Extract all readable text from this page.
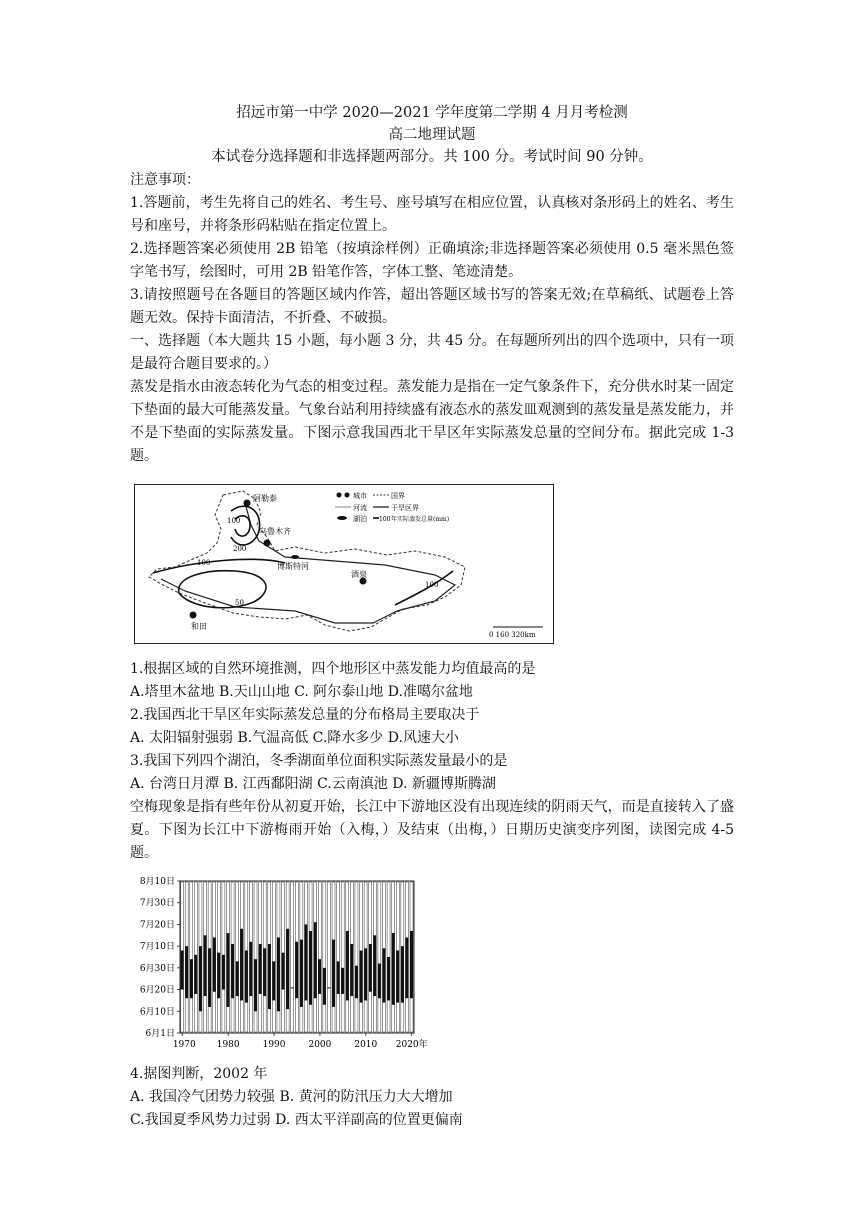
招远市第一中学 2020—2021 学年度第二学期 4 月月考检测

高二地理试题

本试卷分选择题和非选择题两部分。共 100 分。考试时间 90 分钟。

注意事项：

1.答题前，考生先将自己的姓名、考生号、座号填写在相应位置，认真核对条形码上的姓名、考生号和座号，并将条形码粘贴在指定位置上。

2.选择题答案必须使用 2B 铅笔（按填涂样例）正确填涂;非选择题答案必须使用 0.5 毫米黑色签字笔书写，绘图时，可用 2B 铅笔作答，字体工整、笔迹清楚。

3.请按照题号在各题目的答题区域内作答，超出答题区域书写的答案无效;在草稿纸、试题卷上答题无效。保持卡面清洁，不折叠、不破损。

一、选择题（本大题共 15 小题，每小题 3 分，共 45 分。在每题所列出的四个选项中，只有一项是最符合题目要求的。）

蒸发是指水由液态转化为气态的相变过程。蒸发能力是指在一定气象条件下，充分供水时某一固定下垫面的最大可能蒸发量。气象台站利用持续盛有液态水的蒸发皿观测到的蒸发量是蒸发能力，并不是下垫面的实际蒸发量。下图示意我国西北干旱区年实际蒸发总量的空间分布。据此完成 1-3 题。

阿勒泰
乌鲁木齐
博斯特河
酒泉
和田
100
200
100
50
100
城市	国界
河流	干旱区界
湖泊 100 年实际蒸发总量(mm)
0 160 320km

1.根据区域的自然环境推测，四个地形区中蒸发能力均值最高的是

A.塔里木盆地 B.天山山地 C. 阿尔泰山地 D.准噶尔盆地

2.我国西北干旱区年实际蒸发总量的分布格局主要取决于

A. 太阳辐射强弱 B.气温高低 C.降水多少 D.风速大小

3.我国下列四个湖泊，冬季湖面单位面积实际蒸发量最小的是

A. 台湾日月潭 B. 江西鄱阳湖 C.云南滇池 D. 新疆博斯腾湖

空梅现象是指有些年份从初夏开始，长江中下游地区没有出现连续的阴雨天气，而是直接转入了盛夏。下图为长江中下游梅雨开始（入梅，）及结束（出梅，）日期历史演变序列图，读图完成 4-5 题。

8月10日
7月30日
7月20日
7月10日
6月30日
6月20日
6月10日
6月1日
1970 1980	1990	2000	2010 2020年

4.据图判断，2002 年

A. 我国冷气团势力较强 B. 黄河的防汛压力大大增加

C.我国夏季风势力过弱 D. 西太平洋副高的位置更偏南
